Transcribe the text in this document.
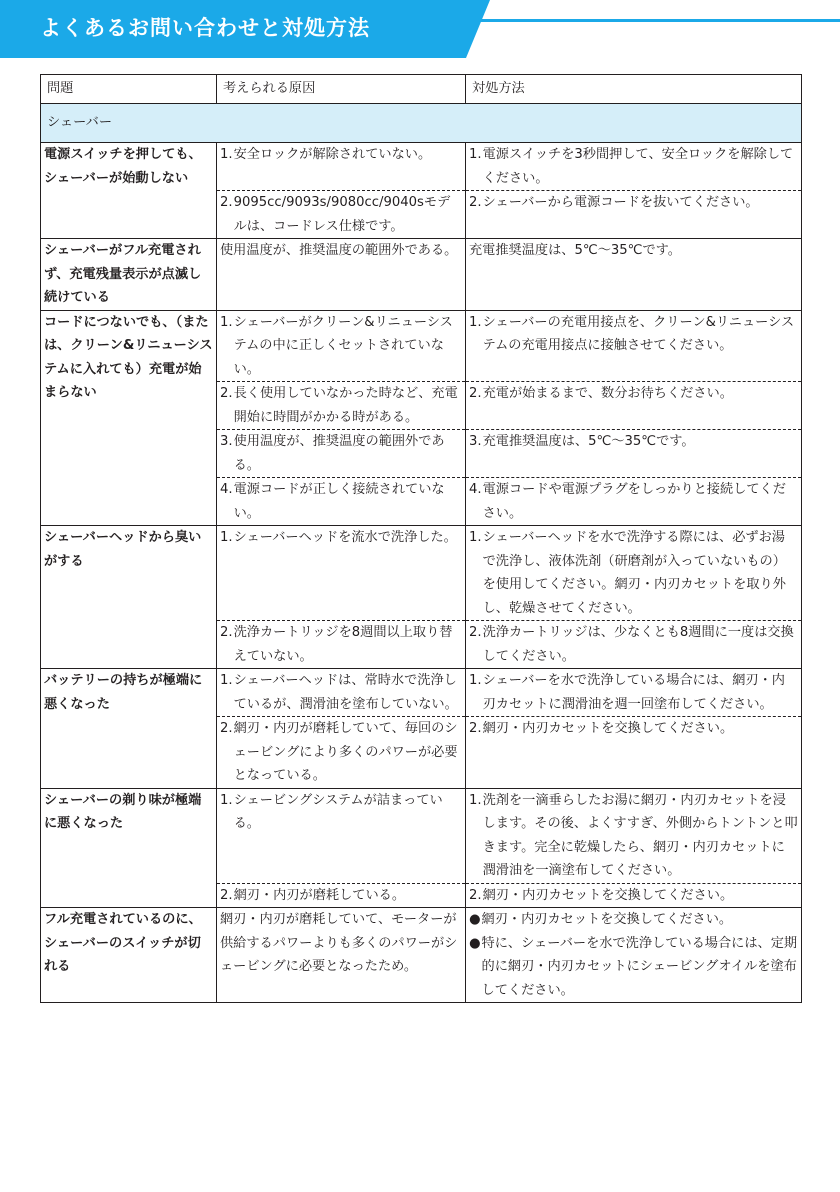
よくあるお問い合わせと対処方法
問題	考えられる原因	対処方法
シェーバー		
電源スイッチを押しても、シェーバーが始動しない	1. 安全ロックが解除されていない。	1. 電源スイッチを3秒間押して、安全ロックを解除してください。

	2. 9095cc/9093s/9080cc/9040sモデルは、コードレス仕様です。	2. シェーバーから電源コードを抜いてください。

シェーバーがフル充電されず、充電残量表示が点滅し続けている	使用温度が、推奨温度の範囲外である。	充電推奨温度は、5℃〜35℃です。

コードにつないでも、（または、クリーン&リニューシステムに入れても）充電が始まらない	1. シェーバーがクリーン&リニューシステムの中に正しくセットされていない。	1. シェーバーの充電用接点を、クリーン&リニューシステムの充電用接点に接触させてください。

	2. 長く使用していなかった時など、充電開始に時間がかかる時がある。	2. 充電が始まるまで、数分お待ちください。

	3. 使用温度が、推奨温度の範囲外である。	3. 充電推奨温度は、5℃〜35℃です。

	4. 電源コードが正しく接続されていない。	4. 電源コードや電源プラグをしっかりと接続してください。

シェーバーヘッドから臭いがする	1. シェーバーヘッドを流水で洗浄した。	1. シェーバーヘッドを水で洗浄する際には、必ずお湯で洗浄し、液体洗剤（研磨剤が入っていないもの）を使用してください。網刃・内刃カセットを取り外し、乾燥させてください。

	2. 洗浄カートリッジを8週間以上取り替えていない。	2. 洗浄カートリッジは、少なくとも8週間に一度は交換してください。

バッテリーの持ちが極端に悪くなった	1. シェーバーヘッドは、常時水で洗浄しているが、潤滑油を塗布していない。	1. シェーバーを水で洗浄している場合には、網刃・内刃カセットに潤滑油を週一回塗布してください。

	2. 網刃・内刃が磨耗していて、毎回のシェービングにより多くのパワーが必要となっている。	2. 網刃・内刃カセットを交換してください。

シェーバーの剃り味が極端に悪くなった	1. シェービングシステムが詰まっている。	1. 洗剤を一滴垂らしたお湯に網刃・内刃カセットを浸します。その後、よくすすぎ、外側からトントンと叩きます。完全に乾燥したら、網刃・内刃カセットに潤滑油を一滴塗布してください。

	2. 網刃・内刃が磨耗している。	2. 網刃・内刃カセットを交換してください。

フル充電されているのに、シェーバーのスイッチが切れる	網刃・内刃が磨耗していて、モーターが供給するパワーよりも多くのパワーがシェービングに必要となったため。	● 網刃・内刃カセットを交換してください。
● 特に、シェーバーを水で洗浄している場合には、定期的に網刃・内刃カセットにシェービングオイルを塗布してください。
